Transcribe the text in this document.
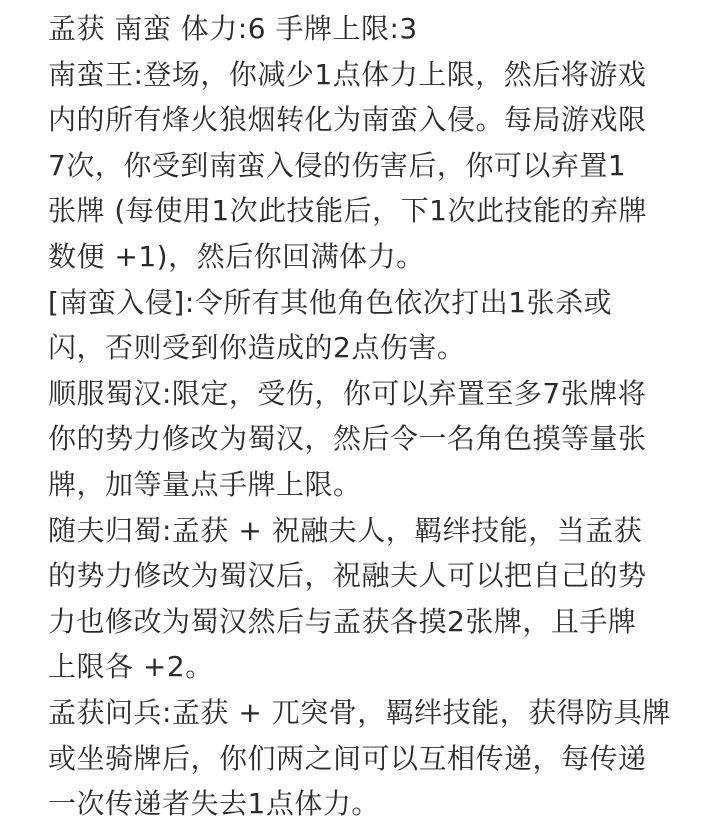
孟获 南蛮 体力:6 手牌上限:3
南蛮王:登场，你减少1点体力上限，然后将游戏
内的所有烽火狼烟转化为南蛮入侵。每局游戏限
7次，你受到南蛮入侵的伤害后，你可以弃置1
张牌 (每使用1次此技能后，下1次此技能的弃牌
数便 +1)，然后你回满体力。
[南蛮入侵]:令所有其他角色依次打出1张杀或
闪，否则受到你造成的2点伤害。
顺服蜀汉:限定，受伤，你可以弃置至多7张牌将
你的势力修改为蜀汉，然后令一名角色摸等量张
牌，加等量点手牌上限。
随夫归蜀:孟获 + 祝融夫人，羁绊技能，当孟获
的势力修改为蜀汉后，祝融夫人可以把自己的势
力也修改为蜀汉然后与孟获各摸2张牌，且手牌
上限各 +2。
孟获问兵:孟获 + 兀突骨，羁绊技能，获得防具牌
或坐骑牌后，你们两之间可以互相传递，每传递
一次传递者失去1点体力。
